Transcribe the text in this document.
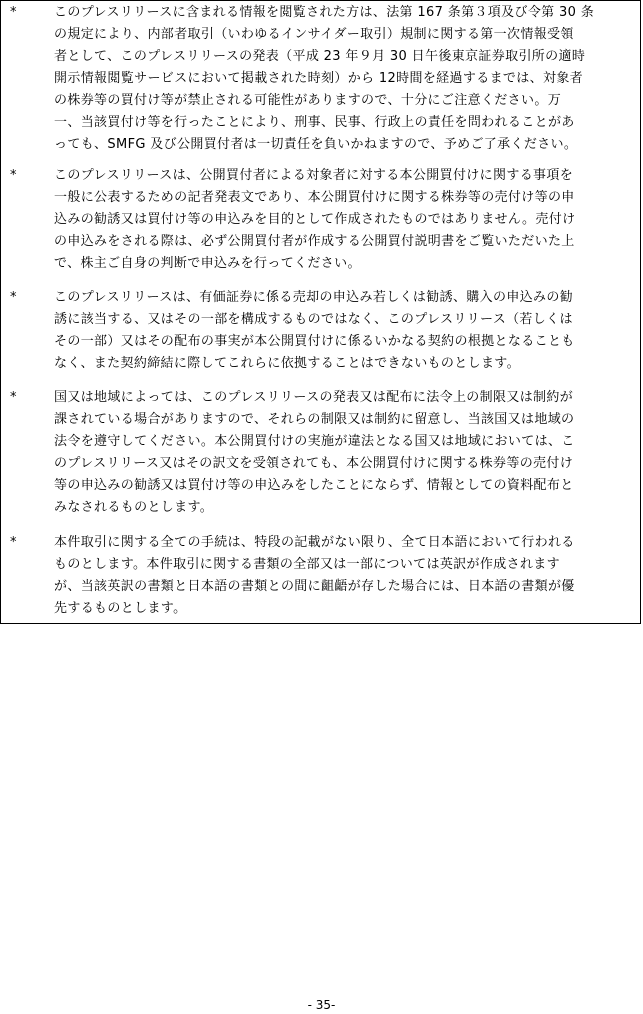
*	このプレスリリースに含まれる情報を閲覧された方は、法第 167 条第３項及び令第 30 条
の規定により、内部者取引（いわゆるインサイダー取引）規制に関する第一次情報受領
者として、このプレスリリースの発表（平成 23 年９月 30 日午後東京証券取引所の適時
開示情報閲覧サービスにおいて掲載された時刻）から 12時間を経過するまでは、対象者
の株券等の買付け等が禁止される可能性がありますので、十分にご注意ください。万
一、当該買付け等を行ったことにより、刑事、民事、行政上の責任を問われることがあ
っても、SMFG 及び公開買付者は一切責任を負いかねますので、予めご了承ください。
*	このプレスリリースは、公開買付者による対象者に対する本公開買付けに関する事項を
一般に公表するための記者発表文であり、本公開買付けに関する株券等の売付け等の申
込みの勧誘又は買付け等の申込みを目的として作成されたものではありません。売付け
の申込みをされる際は、必ず公開買付者が作成する公開買付説明書をご覧いただいた上
で、株主ご自身の判断で申込みを行ってください。
*	このプレスリリースは、有価証券に係る売却の申込み若しくは勧誘、購入の申込みの勧
誘に該当する、又はその一部を構成するものではなく、このプレスリリース（若しくは
その一部）又はその配布の事実が本公開買付けに係るいかなる契約の根拠となることも
なく、また契約締結に際してこれらに依拠することはできないものとします。
*	国又は地域によっては、このプレスリリースの発表又は配布に法令上の制限又は制約が
課されている場合がありますので、それらの制限又は制約に留意し、当該国又は地域の
法令を遵守してください。本公開買付けの実施が違法となる国又は地域においては、こ
のプレスリリース又はその訳文を受領されても、本公開買付けに関する株券等の売付け
等の申込みの勧誘又は買付け等の申込みをしたことにならず、情報としての資料配布と
みなされるものとします。
*	本件取引に関する全ての手続は、特段の記載がない限り、全て日本語において行われる
ものとします。本件取引に関する書類の全部又は一部については英訳が作成されます
が、当該英訳の書類と日本語の書類との間に齟齬が存した場合には、日本語の書類が優
先するものとします。
- 35-
